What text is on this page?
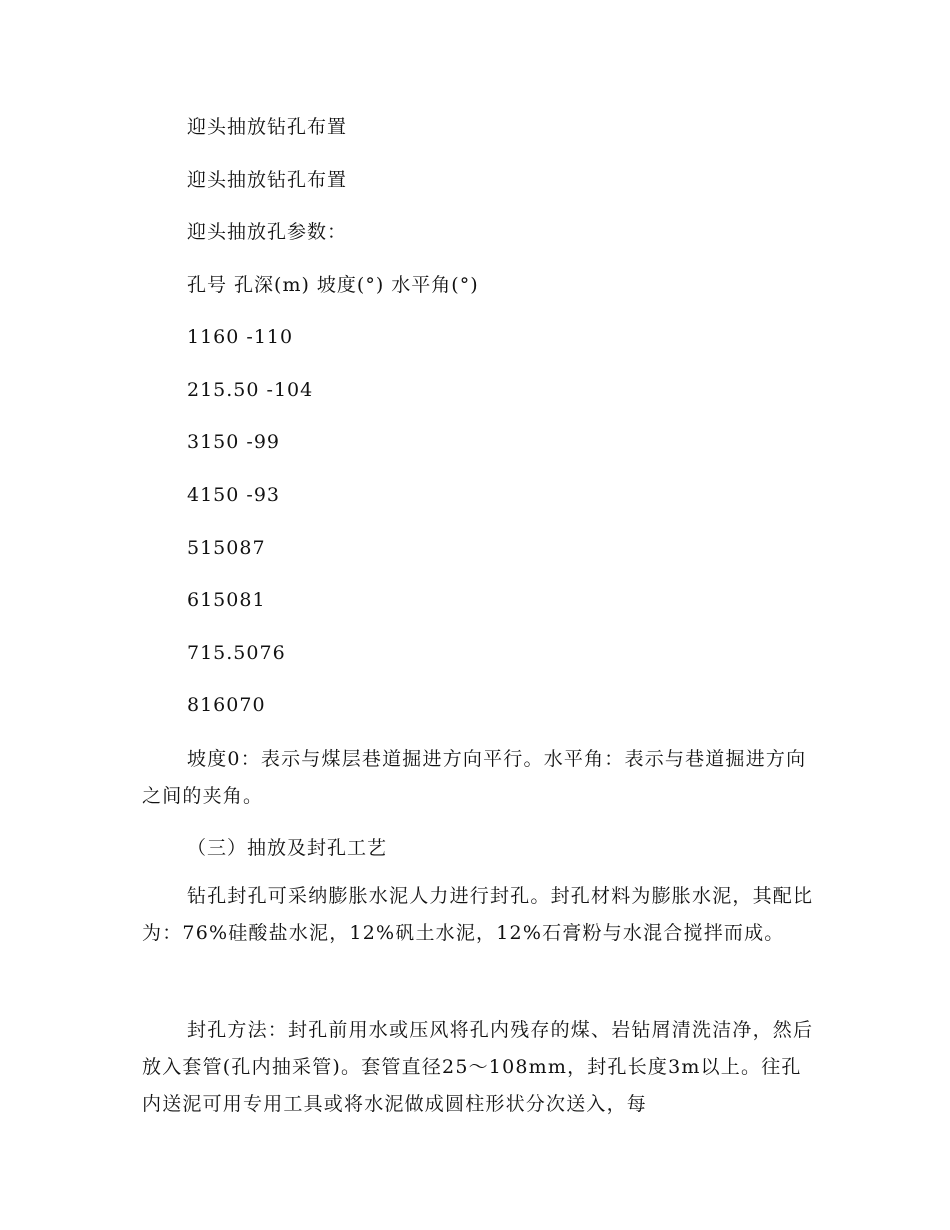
迎头抽放钻孔布置
迎头抽放钻孔布置
迎头抽放孔参数：
孔号 孔深(m) 坡度(°) 水平角(°)
1160 -110
215.50 -104
3150 -99
4150 -93
515087
615081
715.5076
816070
坡度0：表示与煤层巷道掘进方向平行。水平角：表示与巷道掘进方向之间的夹角。
（三）抽放及封孔工艺
钻孔封孔可采纳膨胀水泥人力进行封孔。封孔材料为膨胀水泥，其配比为：76%硅酸盐水泥，12%矾土水泥，12%石膏粉与水混合搅拌而成。
封孔方法：封孔前用水或压风将孔内残存的煤、岩钻屑清洗洁净，然后放入套管(孔内抽采管)。套管直径25～108mm，封孔长度3m以上。往孔内送泥可用专用工具或将水泥做成圆柱形状分次送入，每
